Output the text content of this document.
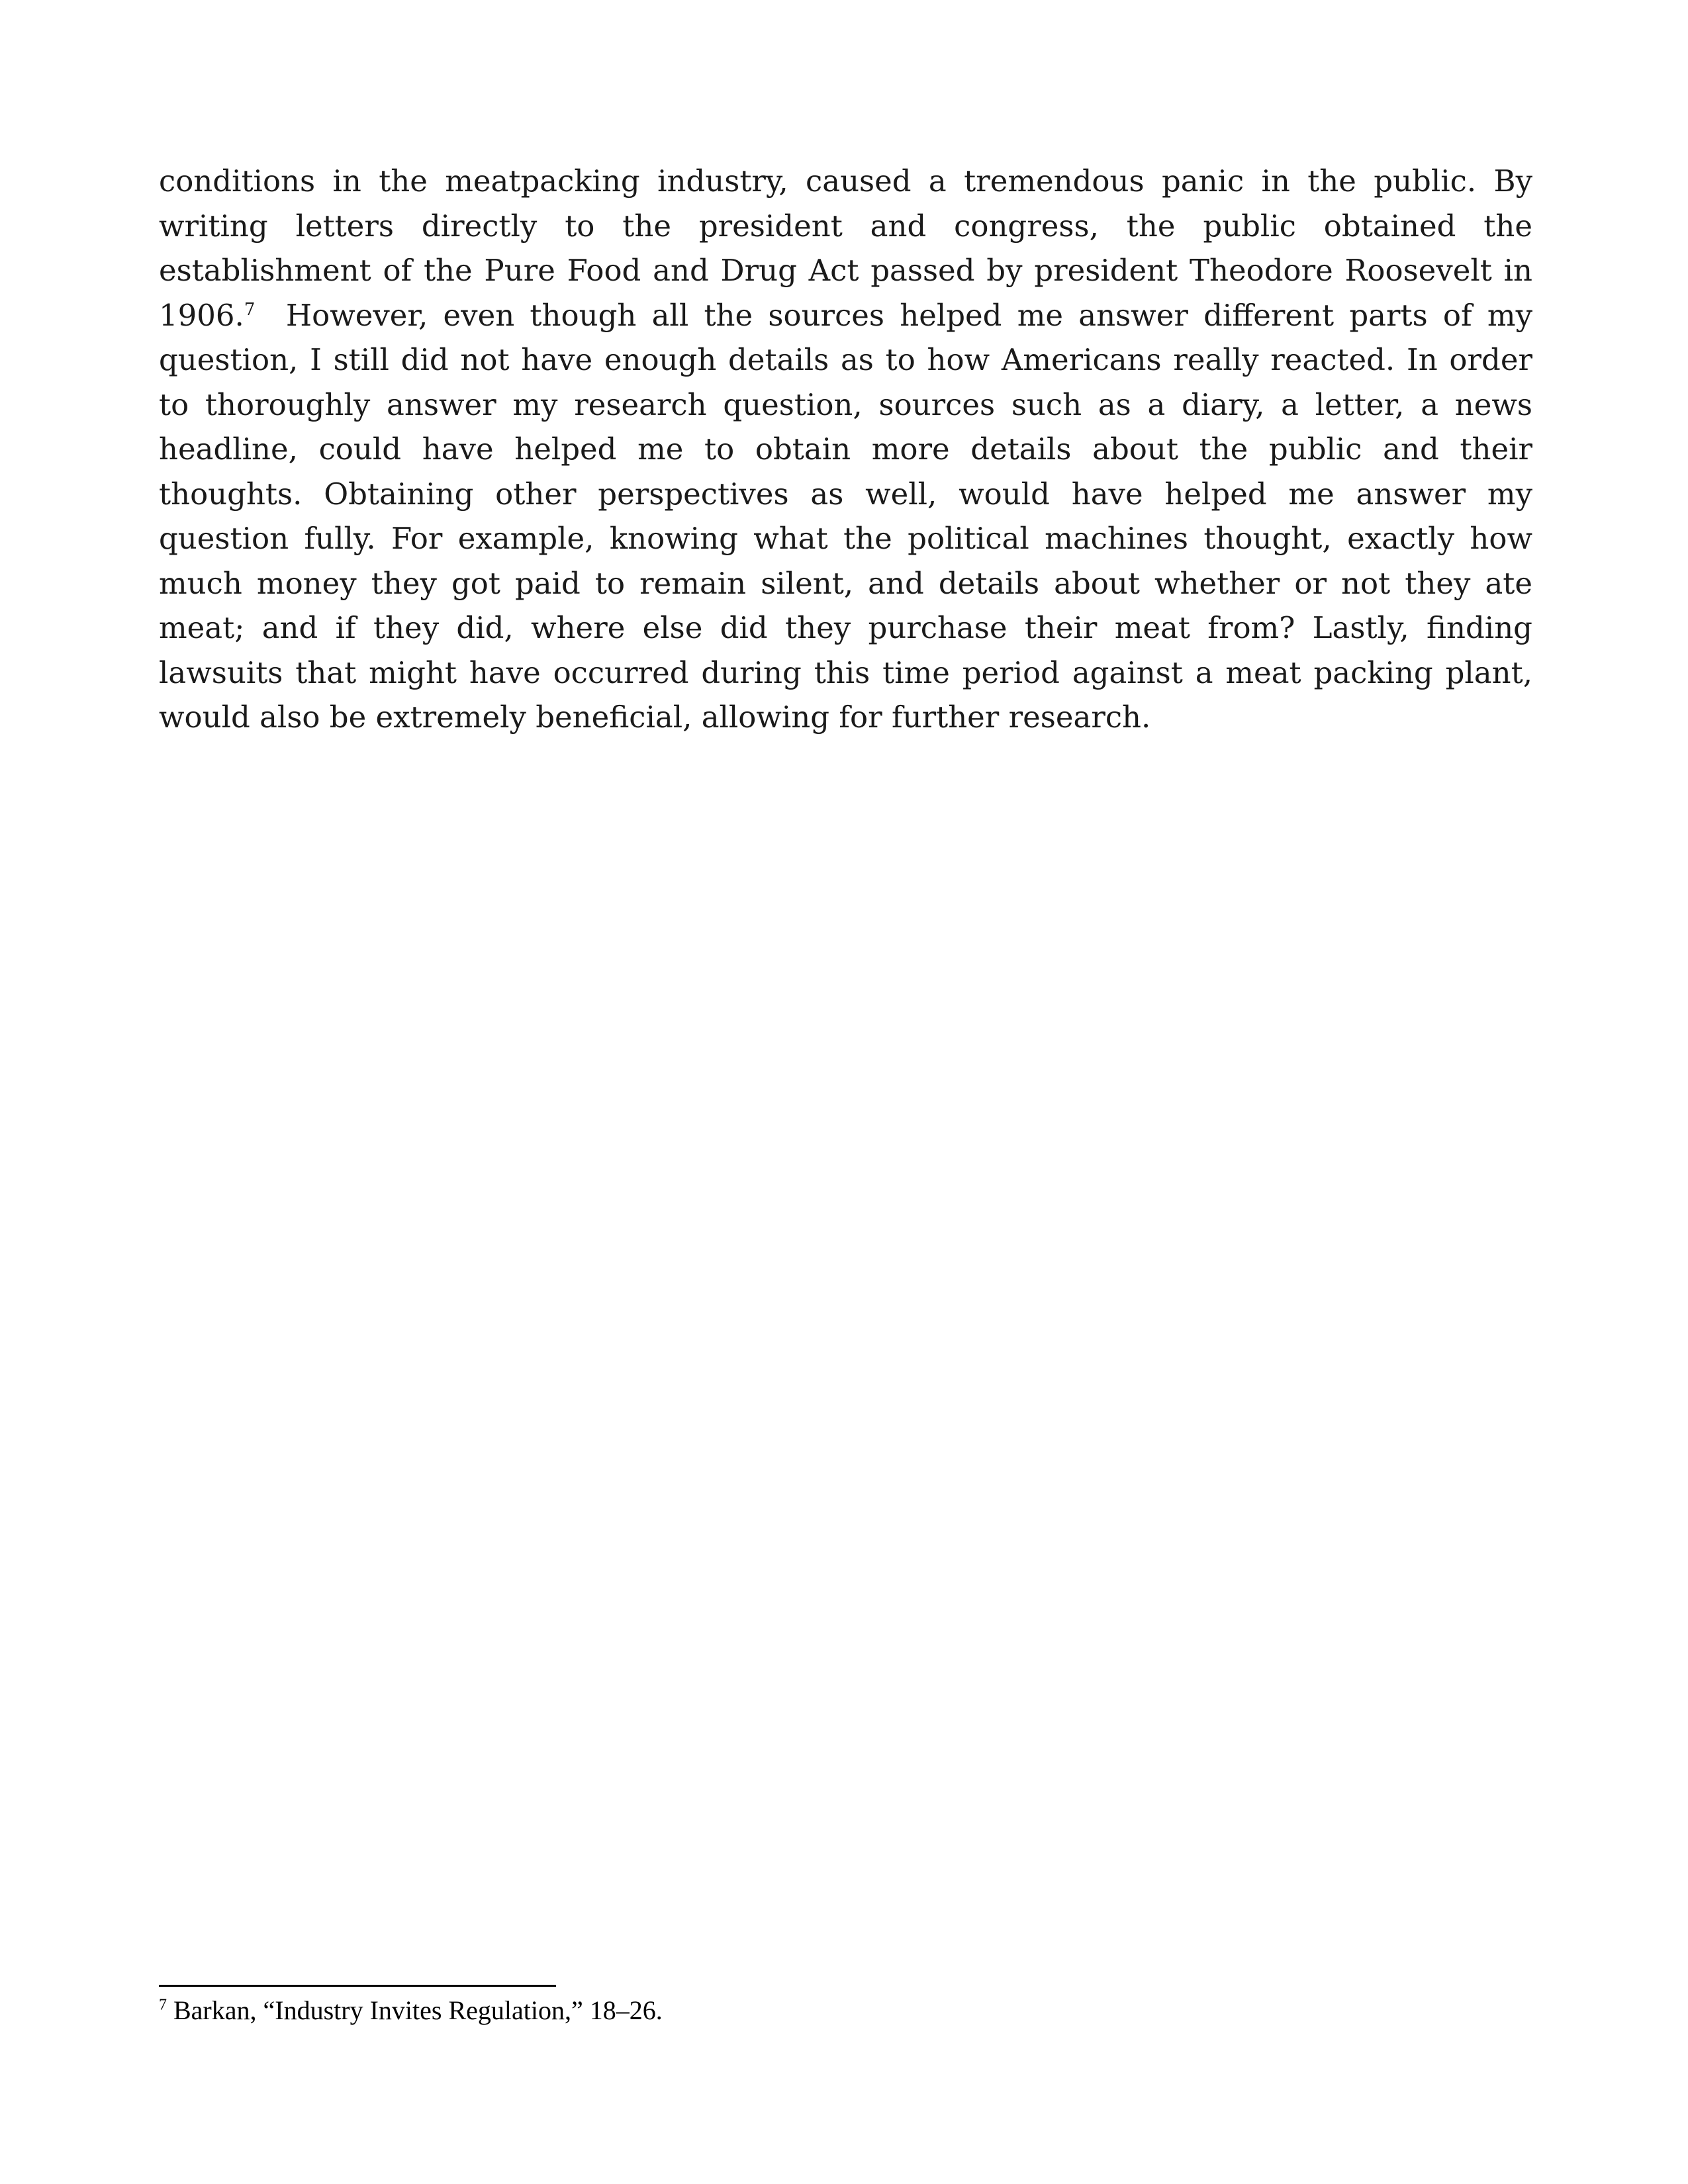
conditions in the meatpacking industry, caused a tremendous panic in the public. By writing letters directly to the president and congress, the public obtained the establishment of the Pure Food and Drug Act passed by president Theodore Roosevelt in 1906.$^7$  However, even though all the sources helped me answer different parts of my question, I still did not have enough details as to how Americans really reacted. In order to thoroughly answer my research question, sources such as a diary, a letter, a news headline, could have helped me to obtain more details about the public and their thoughts. Obtaining other perspectives as well, would have helped me answer my question fully. For example, knowing what the political machines thought, exactly how much money they got paid to remain silent, and details about whether or not they ate meat; and if they did, where else did they purchase their meat from? Lastly, finding lawsuits that might have occurred during this time period against a meat packing plant, would also be extremely beneficial, allowing for further research.

$^7$ Barkan, “Industry Invites Regulation,” 18–26.
